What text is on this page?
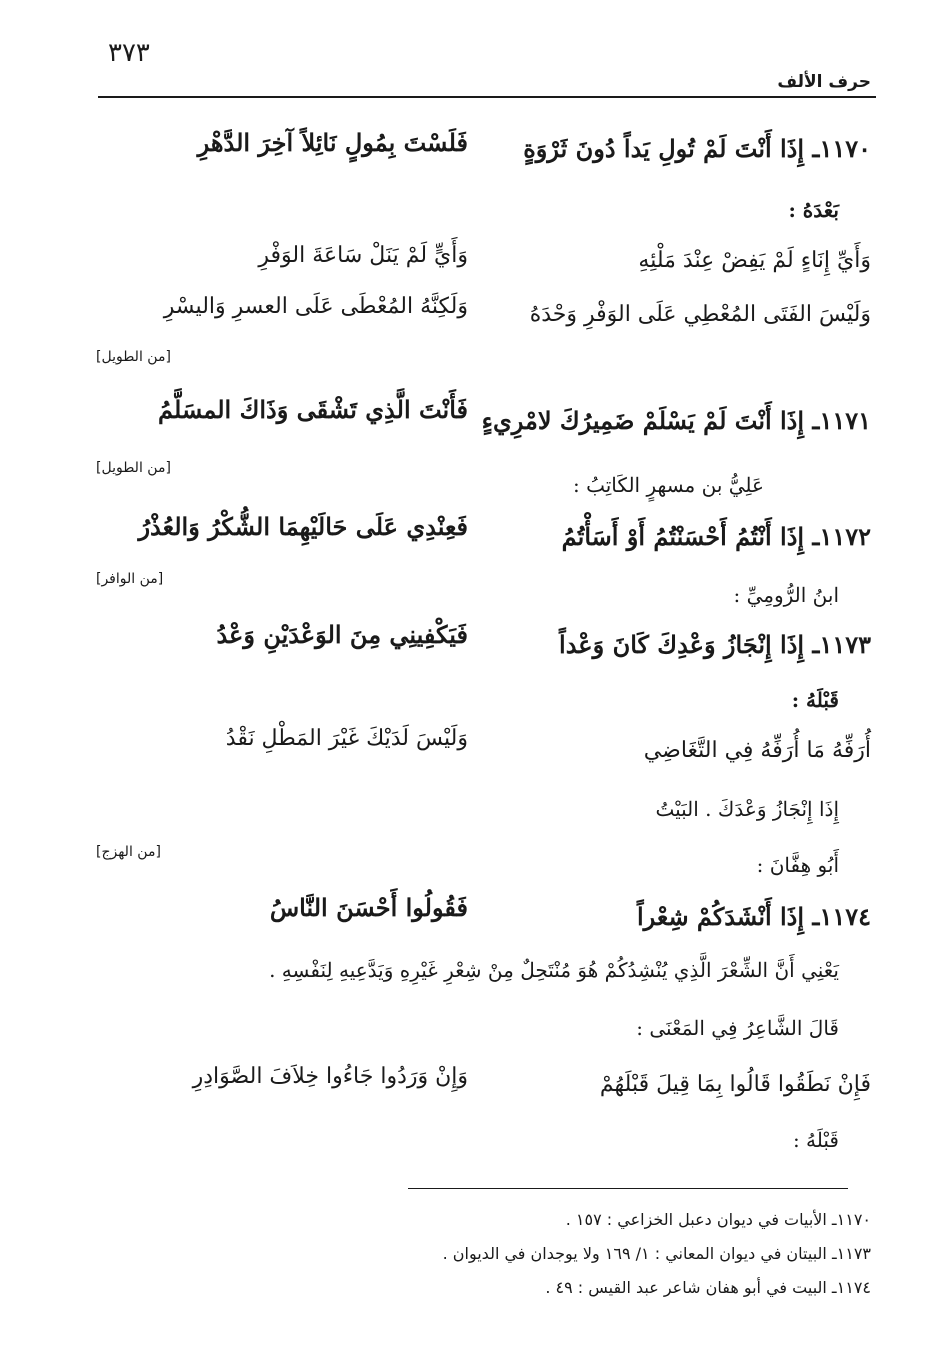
٣٧٣
حرف الألف
١١٧٠ـ إِذَا أَنْتَ لَمْ تُولِ يَداً دُونَ ثَرْوَةٍ
فَلَسْتَ بِمُولٍ نَائِلاً آخِرَ الدَّهْرِ
بَعْدَهُ :
وَأَيِّ إِنَاءٍ لَمْ يَفِضْ عِنْدَ مَلْئِهِ
وَأَيٍّ لَمْ يَنَلْ سَاعَةَ الوَفْرِ
وَلَيْسَ الفَتَى المُعْطِي عَلَى الوَفْرِ وَحْدَهُ
وَلَكِنَّهُ المُعْطَى عَلَى العسرِ وَاليسْرِ
[من الطويل]
١١٧١ـ إِذَا أَنْتَ لَمْ يَسْلَمْ ضَمِيرُكَ لامْرِيءٍ
فَأَنْتَ الَّذِي تَشْقَى وَذَاكَ المسَلَّمُ
[من الطويل]
عَلِيُّ بن مسهرٍ الكَاتِبُ :
١١٧٢ـ إِذَا أَنْتُمُ أَحْسَنْتُمُ أَوْ أَسَأْتُمُ
فَعِنْدِي عَلَى حَالَيْهِمَا الشُّكْرُ وَالعُذْرُ
[من الوافر]
ابنُ الرُّومِيِّ :
١١٧٣ـ إِذَا إِنْجَازُ وَعْدِكَ كَانَ وَعْداً
فَيَكْفِينِي مِنَ الوَعْدَيْنِ وَعْدُ
قَبْلَهُ :
أُرَفِّهُ مَا أُرَفِّهُ فِي التَّغَاضِي
وَلَيْسَ لَدَيْكَ غَيْرَ المَطْلِ نَقْدُ
إِذَا إِنْجَازُ وَعْدَكَ . البَيْتُ
[من الهزج]
أَبُو هِفَّانَ :
١١٧٤ـ إِذَا أَنْشَدَكُمْ شِعْراً
فَقُولُوا أَحْسَنَ النَّاسُ
يَعْنِي أَنَّ الشِّعْرَ الَّذِي يُنْشِدُكُمْ هُوَ مُنْتَحِلٌ مِنْ شِعْرِ غَيْرِهِ وَيَدَّعِيهِ لِنَفْسِهِ .
قَالَ الشَّاعِرُ فِي المَعْنَى :
فَإِنْ نَطَقُوا قَالُوا بِمَا قِيلَ قَبْلَهُمْ
وَإِنْ وَرَدُوا جَاءُوا خِلاَفَ الصَّوَادِرِ
قَبْلَهُ :
١١٧٠ـ الأبيات في ديوان دعبل الخزاعي : ١٥٧ .
١١٧٣ـ البيتان في ديوان المعاني : ١/ ١٦٩ ولا يوجدان في الديوان .
١١٧٤ـ البيت في أبو هفان شاعر عبد القيس : ٤٩ .
